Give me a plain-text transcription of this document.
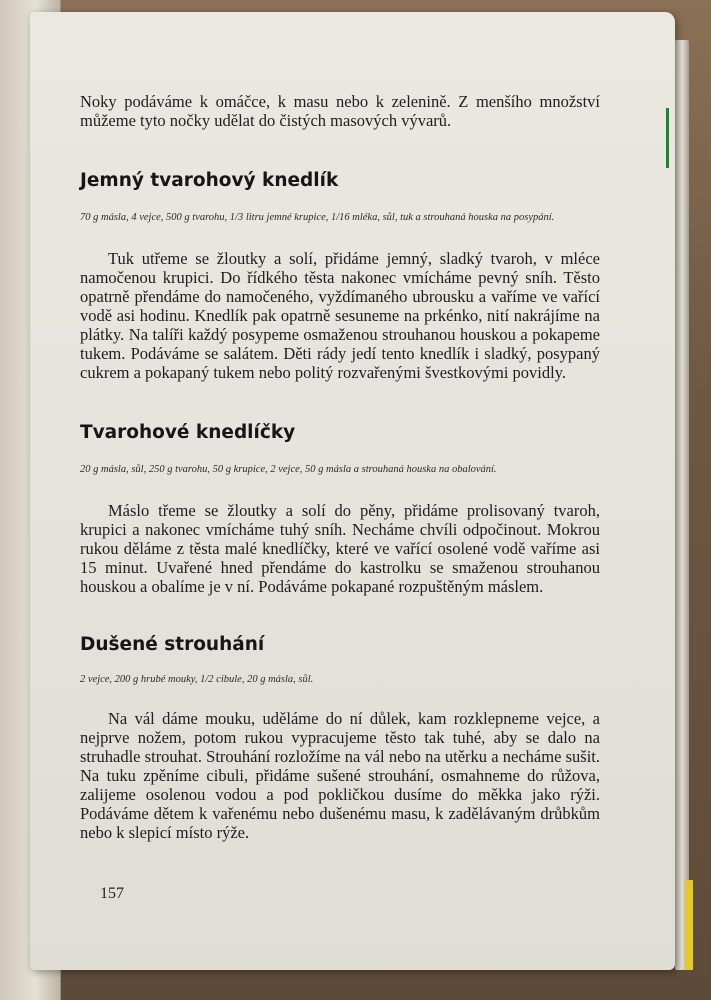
Noky podáváme k omáčce, k masu nebo k zelenině. Z menšího množství můžeme tyto nočky udělat do čistých masových vývarů.

Jemný tvarohový knedlík

70 g másla, 4 vejce, 500 g tvarohu, 1/3 litru jemné krupice, 1/16 mléka, sůl, tuk a strouhaná houska na posypání.

Tuk utřeme se žloutky a solí, přidáme jemný, sladký tvaroh, v mléce namočenou krupici. Do řídkého těsta nakonec vmícháme pevný sníh. Těsto opatrně přendáme do namočeného, vyždímaného ubrousku a vaříme ve vařící vodě asi hodinu. Knedlík pak opatrně sesuneme na prkénko, nití nakrájíme na plátky. Na talíři každý posypeme osmaženou strouhanou houskou a pokapeme tukem. Podáváme se salátem. Děti rády jedí tento knedlík i sladký, posypaný cukrem a pokapaný tukem nebo politý rozvařenými švestkovými povidly.

Tvarohové knedlíčky

20 g másla, sůl, 250 g tvarohu, 50 g krupice, 2 vejce, 50 g másla a strouhaná houska na obalování.

Máslo třeme se žloutky a solí do pěny, přidáme prolisovaný tvaroh, krupici a nakonec vmícháme tuhý sníh. Necháme chvíli odpočinout. Mokrou rukou děláme z těsta malé knedlíčky, které ve vařící osolené vodě vaříme asi 15 minut. Uvařené hned přendáme do kastrolku se smaženou strouhanou houskou a obalíme je v ní. Podáváme pokapané rozpuštěným máslem.

Dušené strouhání

2 vejce, 200 g hrubé mouky, 1/2 cibule, 20 g másla, sůl.

Na vál dáme mouku, uděláme do ní důlek, kam rozklepneme vejce, a nejprve nožem, potom rukou vypracujeme těsto tak tuhé, aby se dalo na struhadle strouhat. Strouhání rozložíme na vál nebo na utěrku a necháme sušit. Na tuku zpěníme cibuli, přidáme sušené strouhání, osmahneme do růžova, zalijeme osolenou vodou a pod pokličkou dusíme do měkka jako rýži. Podáváme dětem k vařenému nebo dušenému masu, k zadělávaným drůbkům nebo k slepicí místo rýže.

157
